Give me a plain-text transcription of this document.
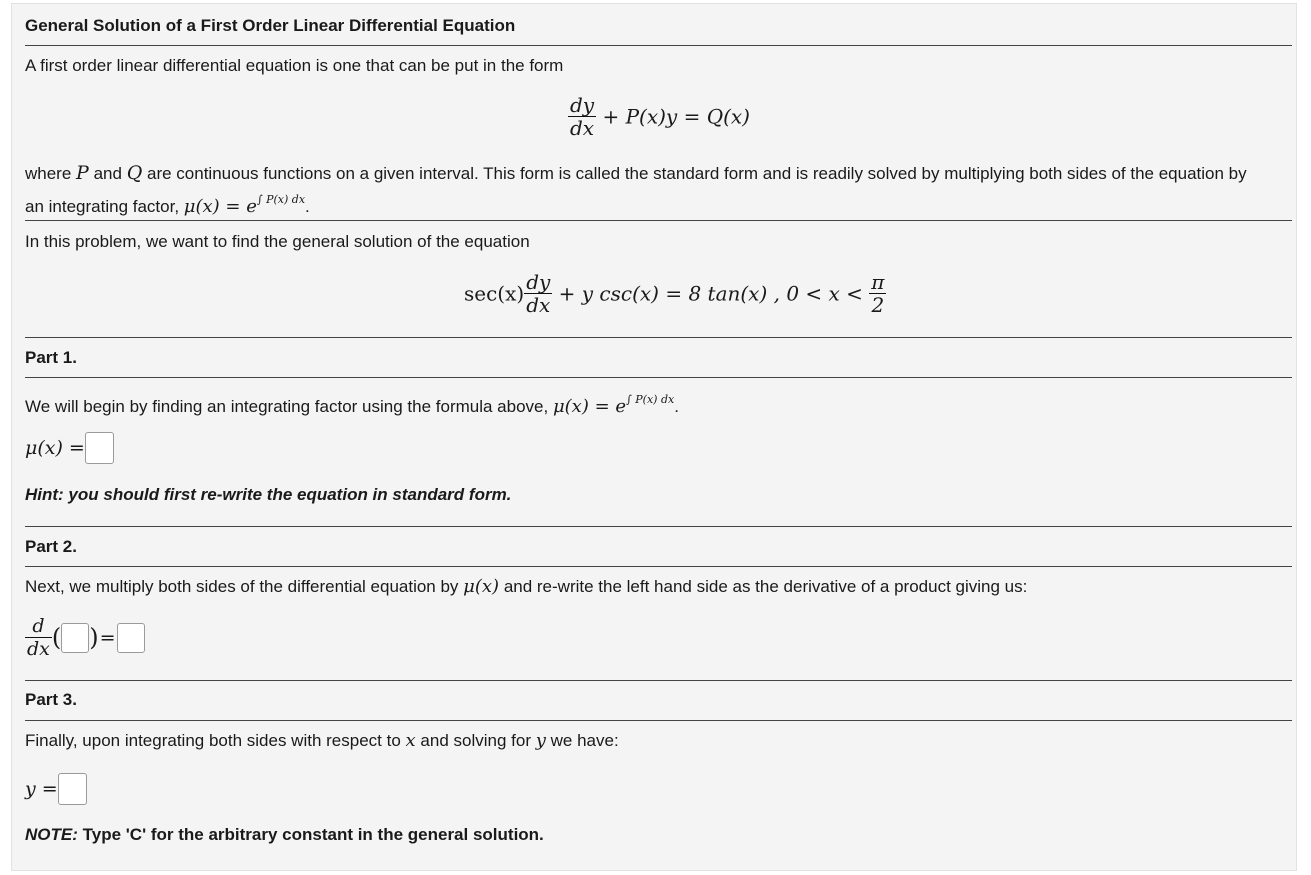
General Solution of a First Order Linear Differential Equation
A first order linear differential equation is one that can be put in the form
$\frac{dy}{dx} + P(x)y = Q(x)$
where P and Q are continuous functions on a given interval. This form is called the standard form and is readily solved by multiplying both sides of the equation by
an integrating factor, $\mu(x) = e^{\int P(x) dx}$.
In this problem, we want to find the general solution of the equation
$\sec(x) \frac{dy}{dx} + y$ csc(x) = 8 tan(x) , $0 < x < \frac{\pi}{2}$
Part 1.
We will begin by finding an integrating factor using the formula above, $\mu(x) = e^{\int P(x) dx}$.
μ(x) =
Hint: you should first re-write the equation in standard form.
Part 2.
Next, we multiply both sides of the differential equation by μ(x) and re-write the left hand side as the derivative of a product giving us:
$\frac{d}{dx}$ ( )=
Part 3.
Finally, upon integrating both sides with respect to x and solving for y we have:
y =
NOTE: Type 'C' for the arbitrary constant in the general solution.
